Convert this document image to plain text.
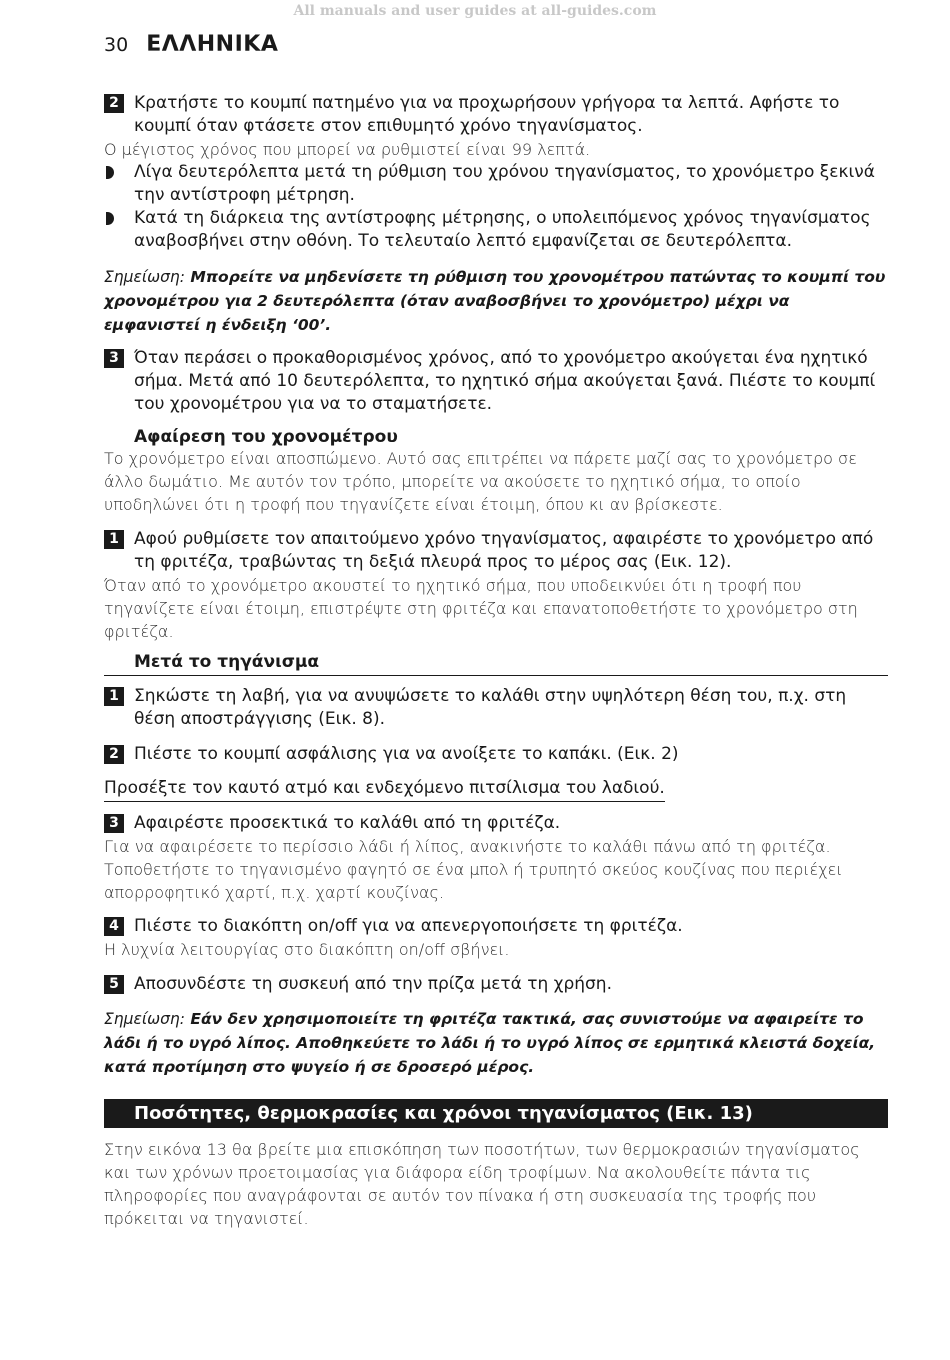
All manuals and user guides at all-guides.com
30 ΕΛΛΗΝΙΚΑ
2 Κρατήστε το κουμπί πατημένο για να προχωρήσουν γρήγορα τα λεπτά. Αφήστε το κουμπί όταν φτάσετε στον επιθυμητό χρόνο τηγανίσματος.
Ο μέγιστος χρόνος που μπορεί να ρυθμιστεί είναι 99 λεπτά.
Λίγα δευτερόλεπτα μετά τη ρύθμιση του χρόνου τηγανίσματος, το χρονόμετρο ξεκινά την αντίστροφη μέτρηση.
Κατά τη διάρκεια της αντίστροφης μέτρησης, ο υπολειπόμενος χρόνος τηγανίσματος αναβοσβήνει στην οθόνη. Το τελευταίο λεπτό εμφανίζεται σε δευτερόλεπτα.
Σημείωση: Μπορείτε να μηδενίσετε τη ρύθμιση του χρονομέτρου πατώντας το κουμπί του χρονομέτρου για 2 δευτερόλεπτα (όταν αναβοσβήνει το χρονόμετρο) μέχρι να εμφανιστεί η ένδειξη ‘00’.
3 Όταν περάσει ο προκαθορισμένος χρόνος, από το χρονόμετρο ακούγεται ένα ηχητικό σήμα. Μετά από 10 δευτερόλεπτα, το ηχητικό σήμα ακούγεται ξανά. Πιέστε το κουμπί του χρονομέτρου για να το σταματήσετε.
Αφαίρεση του χρονομέτρου
Το χρονόμετρο είναι αποσπώμενο. Αυτό σας επιτρέπει να πάρετε μαζί σας το χρονόμετρο σε άλλο δωμάτιο. Με αυτόν τον τρόπο, μπορείτε να ακούσετε το ηχητικό σήμα, το οποίο υποδηλώνει ότι η τροφή που τηγανίζετε είναι έτοιμη, όπου κι αν βρίσκεστε.
1 Αφού ρυθμίσετε τον απαιτούμενο χρόνο τηγανίσματος, αφαιρέστε το χρονόμετρο από τη φριτέζα, τραβώντας τη δεξιά πλευρά προς το μέρος σας (Εικ. 12).
Όταν από το χρονόμετρο ακουστεί το ηχητικό σήμα, που υποδεικνύει ότι η τροφή που τηγανίζετε είναι έτοιμη, επιστρέψτε στη φριτέζα και επανατοποθετήστε το χρονόμετρο στη φριτέζα.
Μετά το τηγάνισμα
1 Σηκώστε τη λαβή, για να ανυψώσετε το καλάθι στην υψηλότερη θέση του, π.χ. στη θέση αποστράγγισης (Εικ. 8).
2 Πιέστε το κουμπί ασφάλισης για να ανοίξετε το καπάκι. (Εικ. 2)
Προσέξτε τον καυτό ατμό και ενδεχόμενο πιτσίλισμα του λαδιού.
3 Αφαιρέστε προσεκτικά το καλάθι από τη φριτέζα.
Για να αφαιρέσετε το περίσσιο λάδι ή λίπος, ανακινήστε το καλάθι πάνω από τη φριτέζα. Τοποθετήστε το τηγανισμένο φαγητό σε ένα μπολ ή τρυπητό σκεύος κουζίνας που περιέχει απορροφητικό χαρτί, π.χ. χαρτί κουζίνας.
4 Πιέστε το διακόπτη on/off για να απενεργοποιήσετε τη φριτέζα.
Η λυχνία λειτουργίας στο διακόπτη on/off σβήνει.
5 Αποσυνδέστε τη συσκευή από την πρίζα μετά τη χρήση.
Σημείωση: Εάν δεν χρησιμοποιείτε τη φριτέζα τακτικά, σας συνιστούμε να αφαιρείτε το λάδι ή το υγρό λίπος. Αποθηκεύετε το λάδι ή το υγρό λίπος σε ερμητικά κλειστά δοχεία, κατά προτίμηση στο ψυγείο ή σε δροσερό μέρος.
Ποσότητες, θερμοκρασίες και χρόνοι τηγανίσματος (Εικ. 13)
Στην εικόνα 13 θα βρείτε μια επισκόπηση των ποσοτήτων, των θερμοκρασιών τηγανίσματος και των χρόνων προετοιμασίας για διάφορα είδη τροφίμων. Να ακολουθείτε πάντα τις πληροφορίες που αναγράφονται σε αυτόν τον πίνακα ή στη συσκευασία της τροφής που πρόκειται να τηγανιστεί.
